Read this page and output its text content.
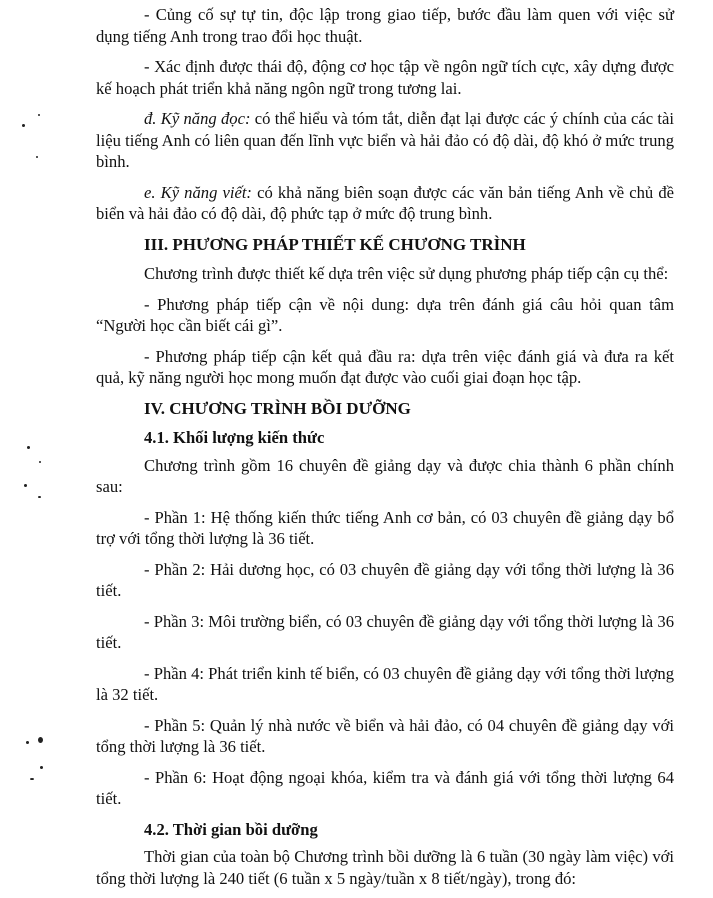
- Củng cố sự tự tin, độc lập trong giao tiếp, bước đầu làm quen với việc sử dụng tiếng Anh trong trao đổi học thuật.

- Xác định được thái độ, động cơ học tập về ngôn ngữ tích cực, xây dựng được kế hoạch phát triển khả năng ngôn ngữ trong tương lai.

đ. Kỹ năng đọc: có thể hiểu và tóm tắt, diễn đạt lại được các ý chính của các tài liệu tiếng Anh có liên quan đến lĩnh vực biển và hải đảo có độ dài, độ khó ở mức trung bình.

e. Kỹ năng viết: có khả năng biên soạn được các văn bản tiếng Anh về chủ đề biển và hải đảo có độ dài, độ phức tạp ở mức độ trung bình.

III. PHƯƠNG PHÁP THIẾT KẾ CHƯƠNG TRÌNH

Chương trình được thiết kế dựa trên việc sử dụng phương pháp tiếp cận cụ thể:

- Phương pháp tiếp cận về nội dung: dựa trên đánh giá câu hỏi quan tâm “Người học cần biết cái gì”.

- Phương pháp tiếp cận kết quả đầu ra: dựa trên việc đánh giá và đưa ra kết quả, kỹ năng người học mong muốn đạt được vào cuối giai đoạn học tập.

IV. CHƯƠNG TRÌNH BỒI DƯỠNG
4.1. Khối lượng kiến thức

Chương trình gồm 16 chuyên đề giảng dạy và được chia thành 6 phần chính sau:

- Phần 1: Hệ thống kiến thức tiếng Anh cơ bản, có 03 chuyên đề giảng dạy bổ trợ với tổng thời lượng là 36 tiết.

- Phần 2: Hải dương học, có 03 chuyên đề giảng dạy với tổng thời lượng là 36 tiết.

- Phần 3: Môi trường biển, có 03 chuyên đề giảng dạy với tổng thời lượng là 36 tiết.

- Phần 4: Phát triển kinh tế biển, có 03 chuyên đề giảng dạy với tổng thời lượng là 32 tiết.

- Phần 5: Quản lý nhà nước về biển và hải đảo, có 04 chuyên đề giảng dạy với tổng thời lượng là 36 tiết.

- Phần 6: Hoạt động ngoại khóa, kiểm tra và đánh giá với tổng thời lượng 64 tiết.

4.2. Thời gian bồi dưỡng

Thời gian của toàn bộ Chương trình bồi dưỡng là 6 tuần (30 ngày làm việc) với tổng thời lượng là 240 tiết (6 tuần x 5 ngày/tuần x 8 tiết/ngày), trong đó:
